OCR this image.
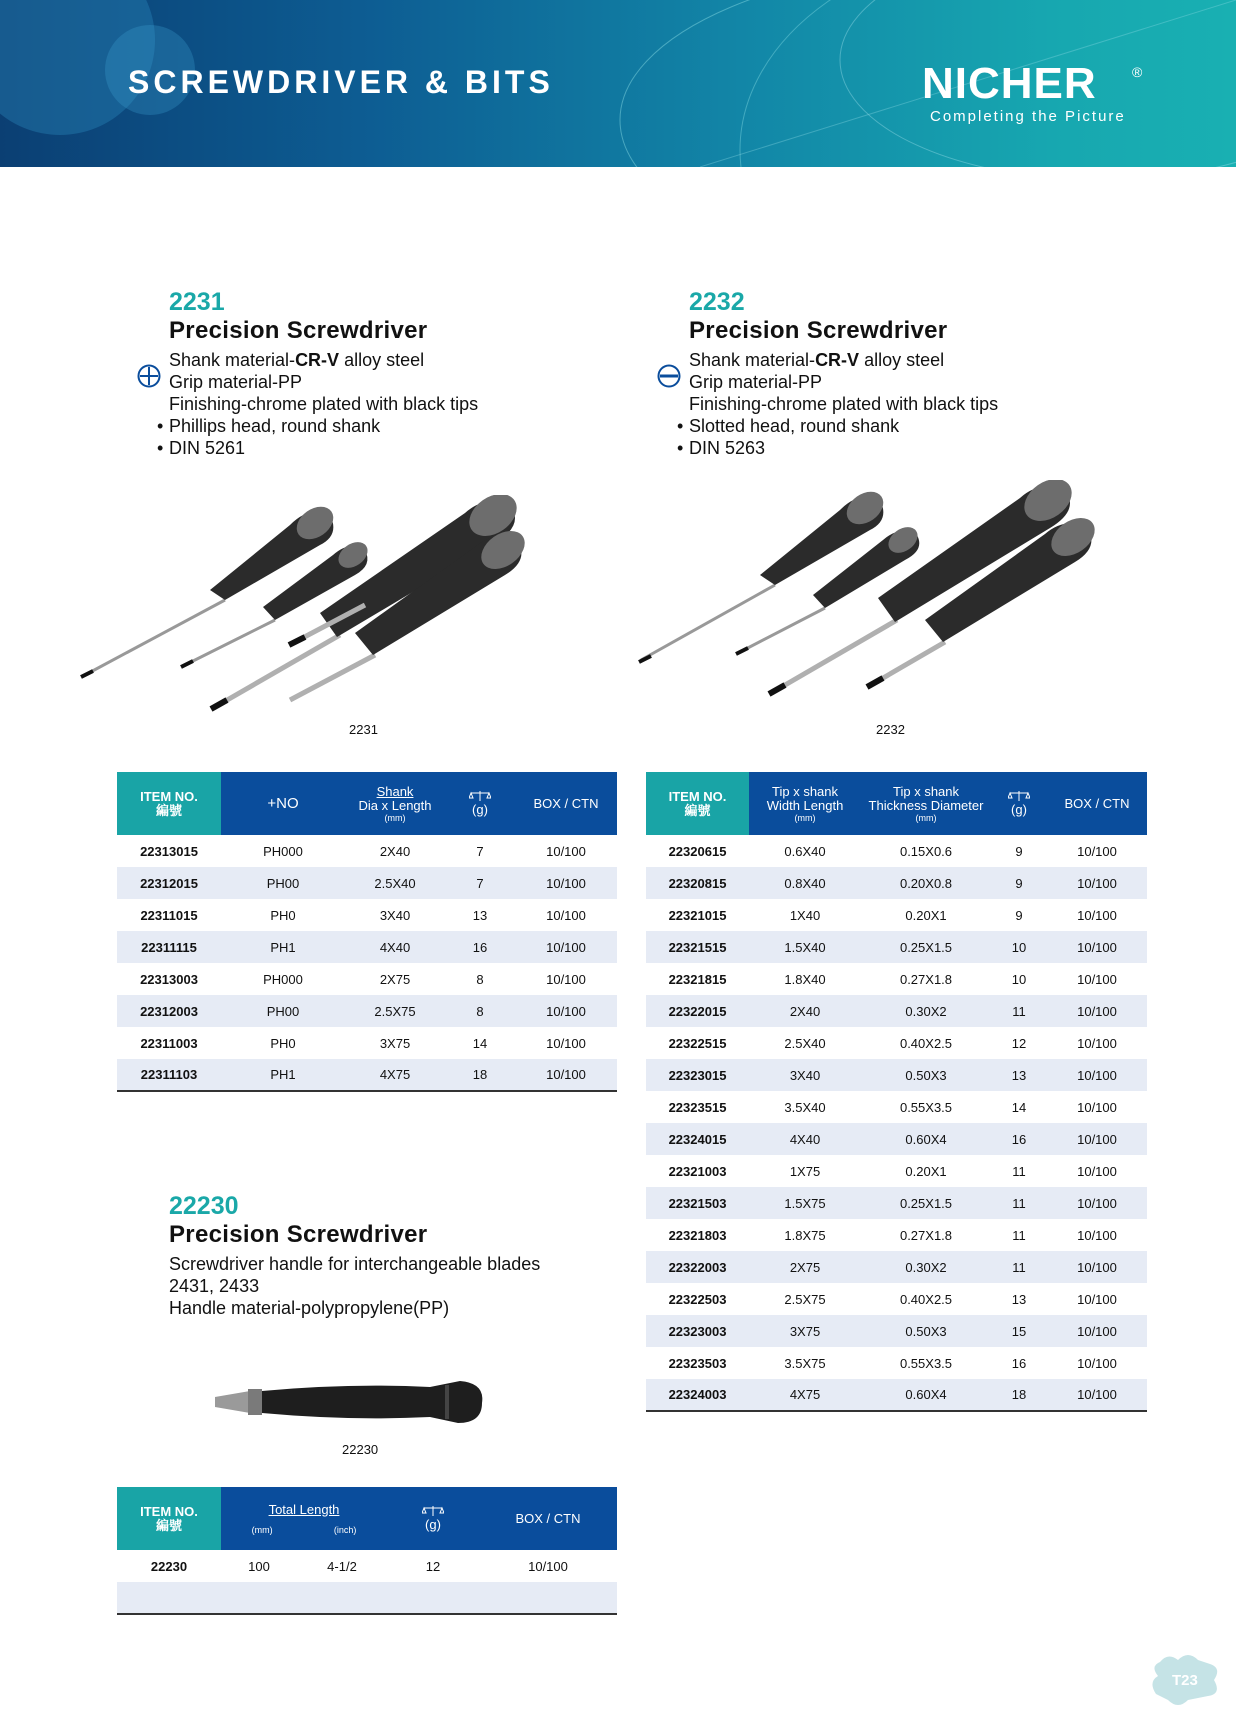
SCREWDRIVER & BITS	NICHER	®
Completing the Picture
2231
Precision Screwdriver
Shank material-CR-V alloy steel
Grip material-PP
Finishing-chrome plated with black tips
• Phillips head, round shank
• DIN 5261
2231
2232
Precision Screwdriver
Shank material-CR-V alloy steel
Grip material-PP
Finishing-chrome plated with black tips
• Slotted head, round shank
• DIN 5263
2232
ITEM NO.
編號	+NO	Shank
Dia x Length
(mm)	(g)	BOX / CTN
22313015	PH000	2X40	7	10/100
22312015	PH00	2.5X40	7	10/100
22311015	PH0	3X40	13	10/100
22311115	PH1	4X40	16	10/100
22313003	PH000	2X75	8	10/100
22312003	PH00	2.5X75	8	10/100
22311003	PH0	3X75	14	10/100
22311103	PH1	4X75	18	10/100
ITEM NO.
編號	Tip x shank
Width Length
(mm)	Tip x shank
Thickness Diameter
(mm)	(g)	BOX / CTN
22320615	0.6X40	0.15X0.6	9	10/100
22320815	0.8X40	0.20X0.8	9	10/100
22321015	1X40	0.20X1	9	10/100
22321515	1.5X40	0.25X1.5	10	10/100
22321815	1.8X40	0.27X1.8	10	10/100
22322015	2X40	0.30X2	11	10/100
22322515	2.5X40	0.40X2.5	12	10/100
22323015	3X40	0.50X3	13	10/100
22323515	3.5X40	0.55X3.5	14	10/100
22324015	4X40	0.60X4	16	10/100
22321003	1X75	0.20X1	11	10/100
22321503	1.5X75	0.25X1.5	11	10/100
22321803	1.8X75	0.27X1.8	11	10/100
22322003	2X75	0.30X2	11	10/100
22322503	2.5X75	0.40X2.5	13	10/100
22323003	3X75	0.50X3	15	10/100
22323503	3.5X75	0.55X3.5	16	10/100
22324003	4X75	0.60X4	18	10/100
22230
Precision Screwdriver
Screwdriver handle for interchangeable blades
2431, 2433
Handle material-polypropylene(PP)
22230
ITEM NO.
編號	Total Length
(mm) (inch)		(g)	BOX / CTN
22230	100	4-1/2	12	10/100

T23
